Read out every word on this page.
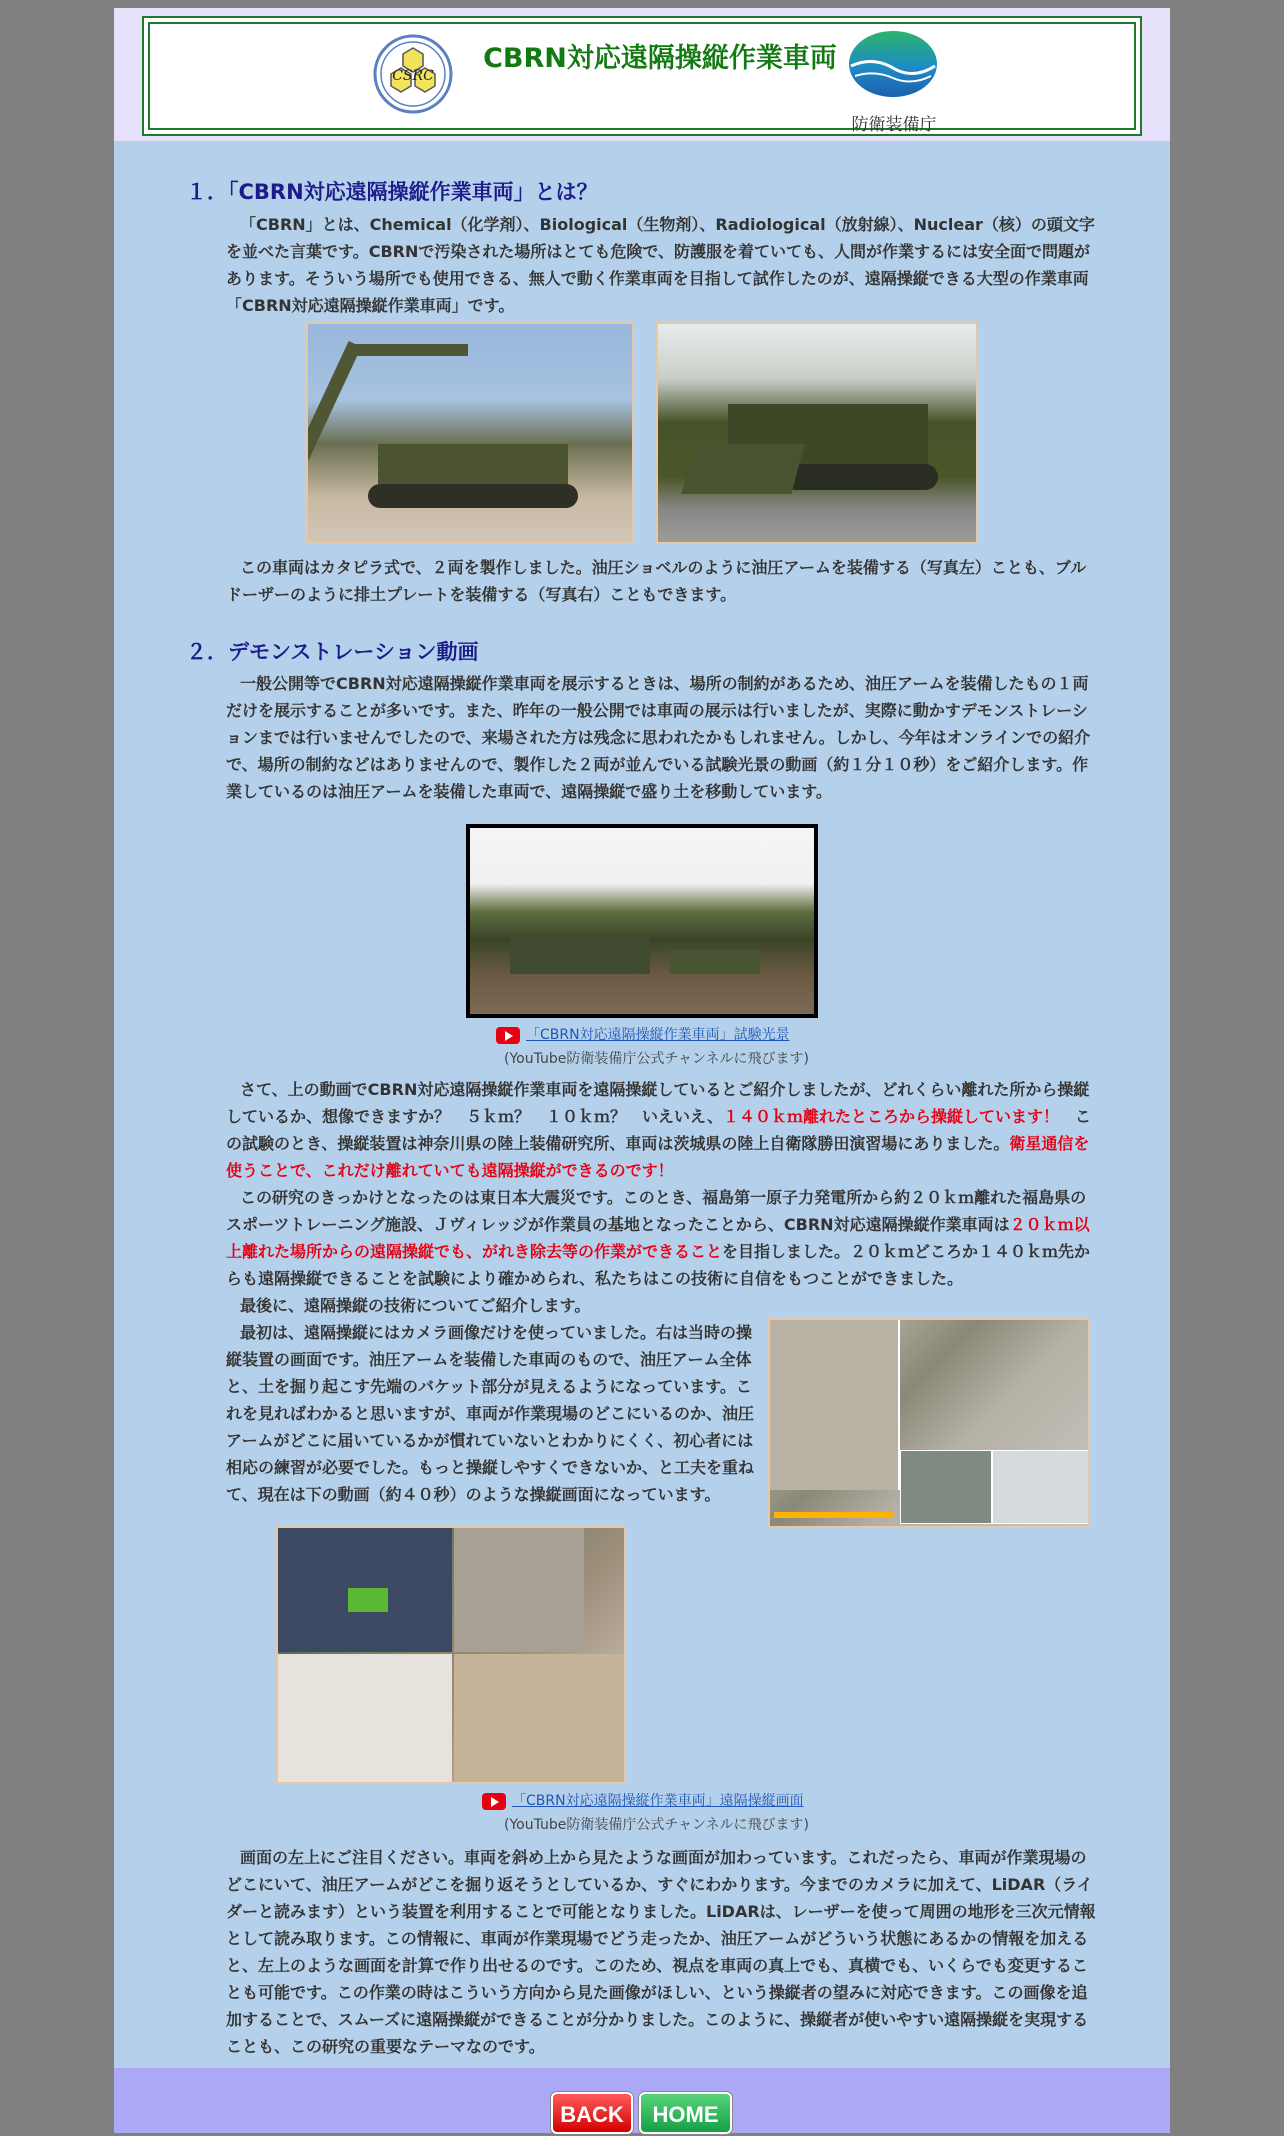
CSRC
CBRN対応遠隔操縦作業車両
防衛装備庁
１．「CBRN対応遠隔操縦作業車両」とは？

「CBRN」とは、Chemical（化学剤）、Biological（生物剤）、Radiological（放射線）、Nuclear（核）の頭文字を並べた言葉です。CBRNで汚染された場所はとても危険で、防護服を着ていても、人間が作業するには安全面で問題があります。そういう場所でも使用できる、無人で動く作業車両を目指して試作したのが、遠隔操縦できる大型の作業車両「CBRN対応遠隔操縦作業車両」です。

この車両はカタピラ式で、２両を製作しました。油圧ショベルのように油圧アームを装備する（写真左）ことも、ブルドーザーのように排土プレートを装備する（写真右）こともできます。

２．デモンストレーション動画

一般公開等でCBRN対応遠隔操縦作業車両を展示するときは、場所の制約があるため、油圧アームを装備したもの１両だけを展示することが多いです。また、昨年の一般公開では車両の展示は行いましたが、実際に動かすデモンストレーションまでは行いませんでしたので、来場された方は残念に思われたかもしれません。しかし、今年はオンラインでの紹介で、場所の制約などはありませんので、製作した２両が並んでいる試験光景の動画（約１分１０秒）をご紹介します。作業しているのは油圧アームを装備した車両で、遠隔操縦で盛り土を移動しています。

「CBRN対応遠隔操縦作業車両」試験光景
(YouTube防衛装備庁公式チャンネルに飛びます)

さて、上の動画でCBRN対応遠隔操縦作業車両を遠隔操縦しているとご紹介しましたが、どれくらい離れた所から操縦しているか、想像できますか？　５ｋｍ？　１０ｋｍ？　いえいえ、１４０ｋｍ離れたところから操縦しています！　この試験のとき、操縦装置は神奈川県の陸上装備研究所、車両は茨城県の陸上自衛隊勝田演習場にありました。衛星通信を使うことで、これだけ離れていても遠隔操縦ができるのです！

この研究のきっかけとなったのは東日本大震災です。このとき、福島第一原子力発電所から約２０ｋｍ離れた福島県のスポーツトレーニング施設、Ｊヴィレッジが作業員の基地となったことから、CBRN対応遠隔操縦作業車両は２０ｋｍ以上離れた場所からの遠隔操縦でも、がれき除去等の作業ができることを目指しました。２０ｋｍどころか１４０ｋｍ先からも遠隔操縦できることを試験により確かめられ、私たちはこの技術に自信をもつことができました。

最後に、遠隔操縦の技術についてご紹介します。

最初は、遠隔操縦にはカメラ画像だけを使っていました。右は当時の操縦装置の画面です。油圧アームを装備した車両のもので、油圧アーム全体と、土を掘り起こす先端のバケット部分が見えるようになっています。これを見ればわかると思いますが、車両が作業現場のどこにいるのか、油圧アームがどこに届いているかが慣れていないとわかりにくく、初心者には相応の練習が必要でした。もっと操縦しやすくできないか、と工夫を重ねて、現在は下の動画（約４０秒）のような操縦画面になっています。

「CBRN対応遠隔操縦作業車両」遠隔操縦画面
(YouTube防衛装備庁公式チャンネルに飛びます)

画面の左上にご注目ください。車両を斜め上から見たような画面が加わっています。これだったら、車両が作業現場のどこにいて、油圧アームがどこを掘り返そうとしているか、すぐにわかります。今までのカメラに加えて、LiDAR（ライダーと読みます）という装置を利用することで可能となりました。LiDARは、レーザーを使って周囲の地形を三次元情報として読み取ります。この情報に、車両が作業現場でどう走ったか、油圧アームがどういう状態にあるかの情報を加えると、左上のような画面を計算で作り出せるのです。このため、視点を車両の真上でも、真横でも、いくらでも変更することも可能です。この作業の時はこういう方向から見た画像がほしい、という操縦者の望みに対応できます。この画像を追加することで、スムーズに遠隔操縦ができることが分かりました。このように、操縦者が使いやすい遠隔操縦を実現することも、この研究の重要なテーマなのです。

BACK	HOME
